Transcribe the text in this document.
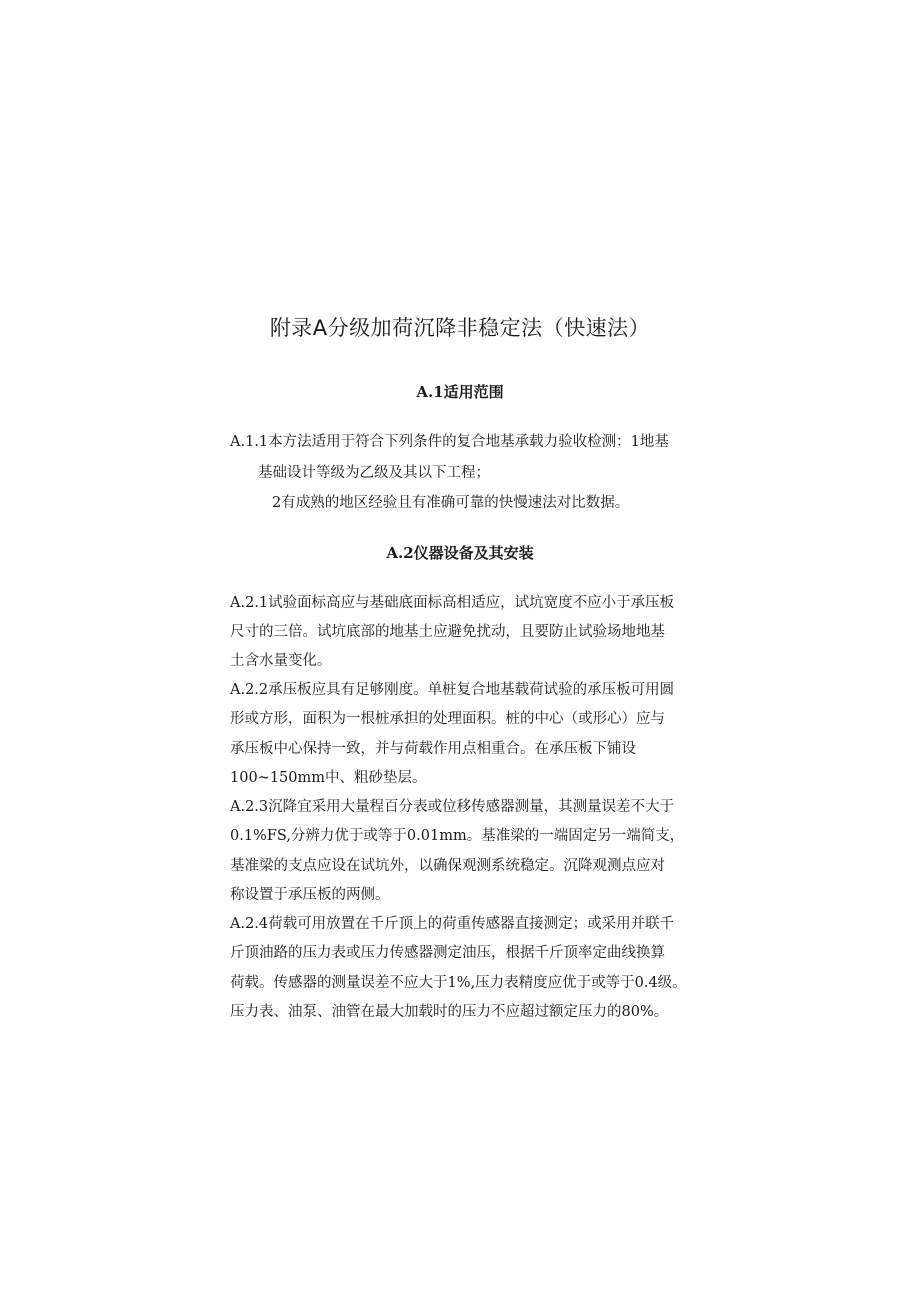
附录A分级加荷沉降非稳定法（快速法）
A.1适用范围

A.1.1本方法适用于符合下列条件的复合地基承载力验收检测：1地基

基础设计等级为乙级及其以下工程；

2有成熟的地区经验且有准确可靠的快慢速法对比数据。

A.2仪器设备及其安装

A.2.1试验面标高应与基础底面标高相适应，试坑宽度不应小于承压板

尺寸的三倍。试坑底部的地基土应避免扰动，且要防止试验场地地基

土含水量变化。

A.2.2承压板应具有足够刚度。单桩复合地基载荷试验的承压板可用圆

形或方形，面积为一根桩承担的处理面积。桩的中心（或形心）应与

承压板中心保持一致，并与荷载作用点相重合。在承压板下铺设

100~150mm中、粗砂垫层。

A.2.3沉降宜采用大量程百分表或位移传感器测量，其测量误差不大于

0.1%FS,分辨力优于或等于0.01mm。基准梁的一端固定另一端简支，

基准梁的支点应设在试坑外，以确保观测系统稳定。沉降观测点应对

称设置于承压板的两侧。

A.2.4荷载可用放置在千斤顶上的荷重传感器直接测定；或采用并联千

斤顶油路的压力表或压力传感器测定油压，根据千斤顶率定曲线换算

荷载。传感器的测量误差不应大于1%,压力表精度应优于或等于0.4级。

压力表、油泵、油管在最大加载时的压力不应超过额定压力的80%。
